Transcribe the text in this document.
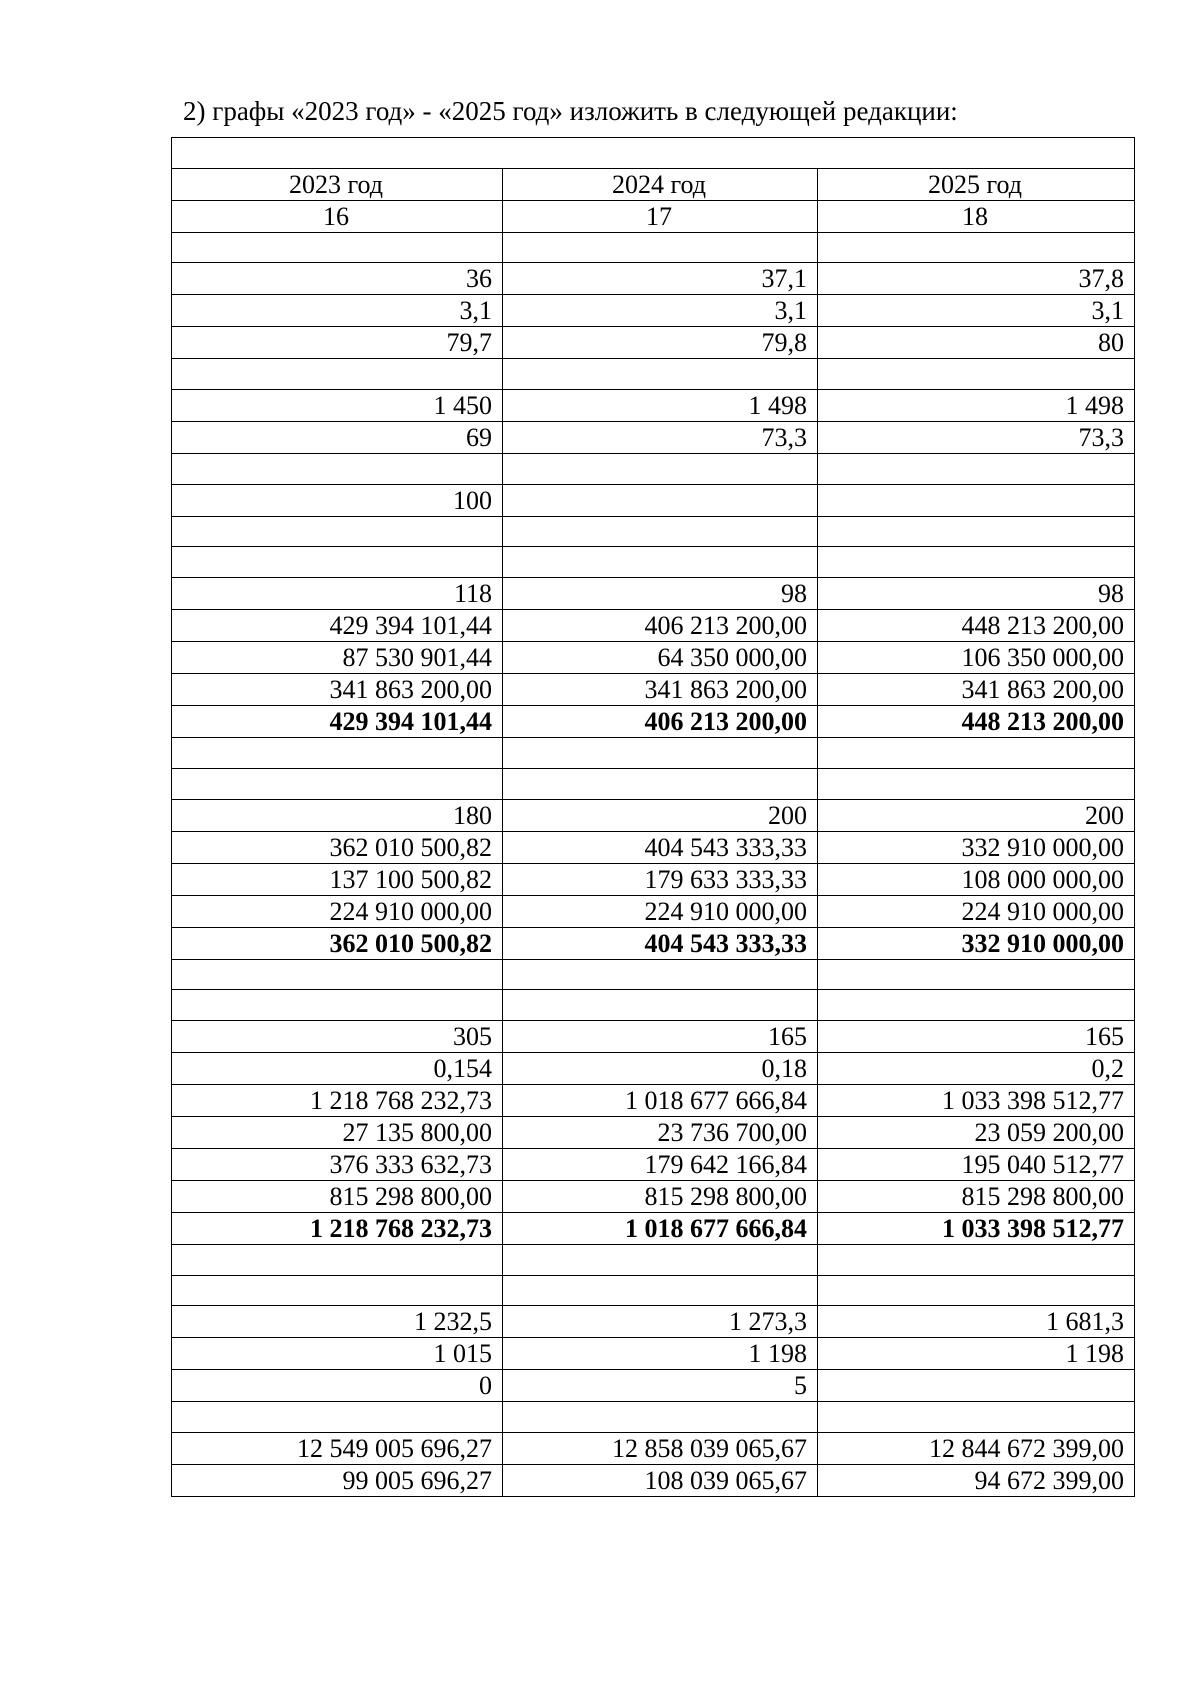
2) графы «2023 год» - «2025 год» изложить в следующей редакции:

2023 год	2024 год	2025 год
16	17	18

36	37,1	37,8
3,1	3,1	3,1
79,7	79,8	80

1 450	1 498	1 498
69	73,3	73,3

100		

118	98	98
429 394 101,44	406 213 200,00	448 213 200,00
87 530 901,44	64 350 000,00	106 350 000,00
341 863 200,00	341 863 200,00	341 863 200,00
429 394 101,44	406 213 200,00	448 213 200,00

180	200	200
362 010 500,82	404 543 333,33	332 910 000,00
137 100 500,82	179 633 333,33	108 000 000,00
224 910 000,00	224 910 000,00	224 910 000,00
362 010 500,82	404 543 333,33	332 910 000,00

305	165	165
0,154	0,18	0,2
1 218 768 232,73	1 018 677 666,84	1 033 398 512,77
27 135 800,00	23 736 700,00	23 059 200,00
376 333 632,73	179 642 166,84	195 040 512,77
815 298 800,00	815 298 800,00	815 298 800,00
1 218 768 232,73	1 018 677 666,84	1 033 398 512,77

1 232,5	1 273,3	1 681,3
1 015	1 198	1 198
0	5	

12 549 005 696,27	12 858 039 065,67	12 844 672 399,00
99 005 696,27	108 039 065,67	94 672 399,00
